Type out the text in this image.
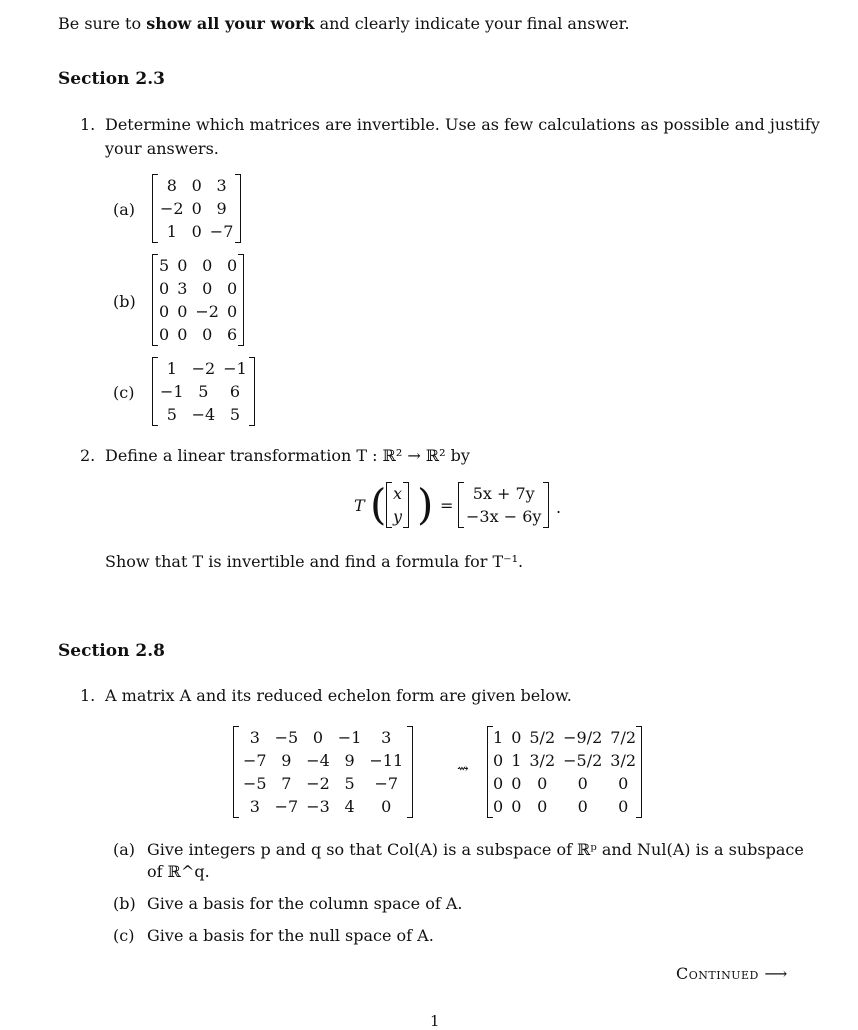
Be sure to show all your work and clearly indicate your final answer.
Section 2.3
1. Determine which matrices are invertible. Use as few calculations as possible and justify
your answers.
(a)
8	0	3
−2	0	9
1	0	−7
(b)
5	0	0	0
0	3	0	0
0	0	−2	0
0	0	0	6
(c)
1	−2	−1
−1	5	6
5	−4	5
2. Define a linear transformation T : ℝ² → ℝ² by
T ( x
y ) =
5x + 7y
−3x − 6y .
Show that T is invertible and find a formula for T⁻¹.
Section 2.8
1. A matrix A and its reduced echelon form are given below.
3	−5	0	−1	3
−7	9	−4	9	−11
−5	7	−2	5	−7
3	−7	−3	4	0
⇝
1	0	5/2	−9/2	7/2
0	1	3/2	−5/2	3/2
0	0	0	0	0
0	0	0	0	0
(a) Give integers p and q so that Col(A) is a subspace of ℝᵖ and Nul(A) is a subspace
of ℝ^q.
(b) Give a basis for the column space of A.
(c) Give a basis for the null space of A.
Continued ⟶
1
